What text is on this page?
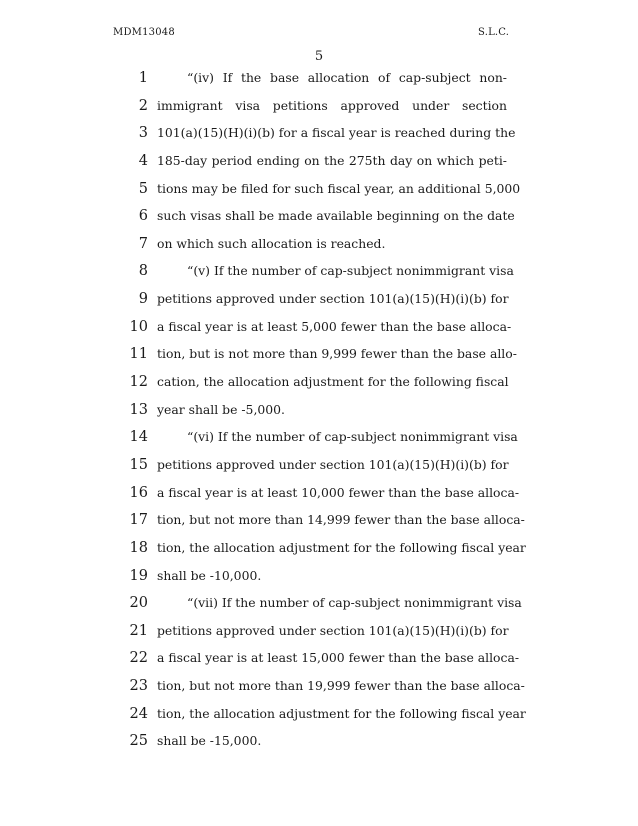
MDM13048	S.L.C.
5
1	“(iv) If the base allocation of cap-subject non-
2 immigrant visa petitions approved under section
3 101(a)(15)(H)(i)(b) for a fiscal year is reached during the
4 185-day period ending on the 275th day on which peti-
5 tions may be filed for such fiscal year, an additional 5,000
6 such visas shall be made available beginning on the date
7 on which such allocation is reached.
8	“(v) If the number of cap-subject nonimmigrant visa
9 petitions approved under section 101(a)(15)(H)(i)(b) for
10 a fiscal year is at least 5,000 fewer than the base alloca-
11 tion, but is not more than 9,999 fewer than the base allo-
12 cation, the allocation adjustment for the following fiscal
13 year shall be -5,000.
14	“(vi) If the number of cap-subject nonimmigrant visa
15 petitions approved under section 101(a)(15)(H)(i)(b) for
16 a fiscal year is at least 10,000 fewer than the base alloca-
17 tion, but not more than 14,999 fewer than the base alloca-
18 tion, the allocation adjustment for the following fiscal year
19 shall be -10,000.
20	“(vii) If the number of cap-subject nonimmigrant visa
21 petitions approved under section 101(a)(15)(H)(i)(b) for
22 a fiscal year is at least 15,000 fewer than the base alloca-
23 tion, but not more than 19,999 fewer than the base alloca-
24 tion, the allocation adjustment for the following fiscal year
25 shall be -15,000.
